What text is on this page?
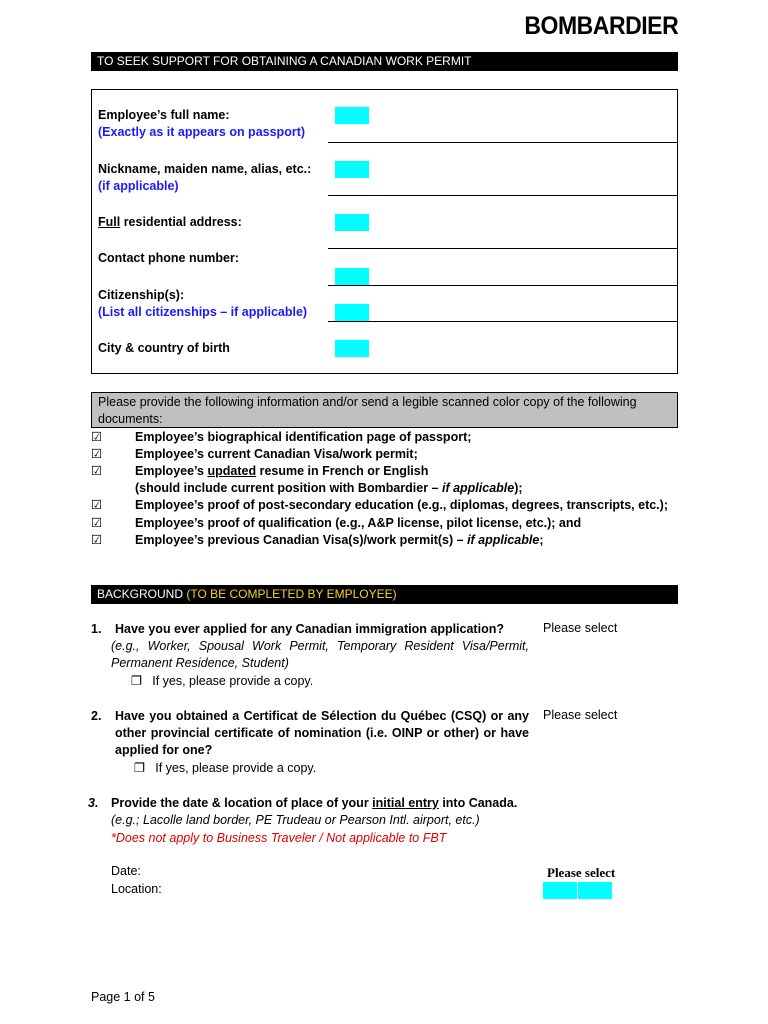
BOMBARDIER
TO SEEK SUPPORT FOR OBTAINING A CANADIAN WORK PERMIT
Employee’s full name:
(Exactly as it appears on passport)
Nickname, maiden name, alias, etc.:
(if applicable)
Full residential address:
Contact phone number:
Citizenship(s):
(List all citizenships – if applicable)
City & country of birth
Please provide the following information and/or send a legible scanned color copy of the following documents:
☑	Employee’s biographical identification page of passport;
☑	Employee’s current Canadian Visa/work permit;
☑	Employee’s updated resume in French or English
(should include current position with Bombardier – if applicable);
☑	Employee’s proof of post-secondary education (e.g., diplomas, degrees, transcripts, etc.);
☑	Employee’s proof of qualification (e.g., A&P license, pilot license, etc.); and
☑	Employee’s previous Canadian Visa(s)/work permit(s) – if applicable;
BACKGROUND (TO BE COMPLETED BY EMPLOYEE)
1. Have you ever applied for any Canadian immigration application?
(e.g., Worker, Spousal Work Permit, Temporary Resident Visa/Permit, Permanent Residence, Student)
❐ If yes, please provide a copy.
Please select
2. Have you obtained a Certificat de Sélection du Québec (CSQ) or any other provincial certificate of nomination (i.e. OINP or other) or have applied for one?
❐ If yes, please provide a copy.
Please select
3. Provide the date & location of place of your initial entry into Canada.
(e.g.; Lacolle land border, PE Trudeau or Pearson Intl. airport, etc.)
*Does not apply to Business Traveler / Not applicable to FBT
Date:
Location:
Please select
Page 1 of 5
